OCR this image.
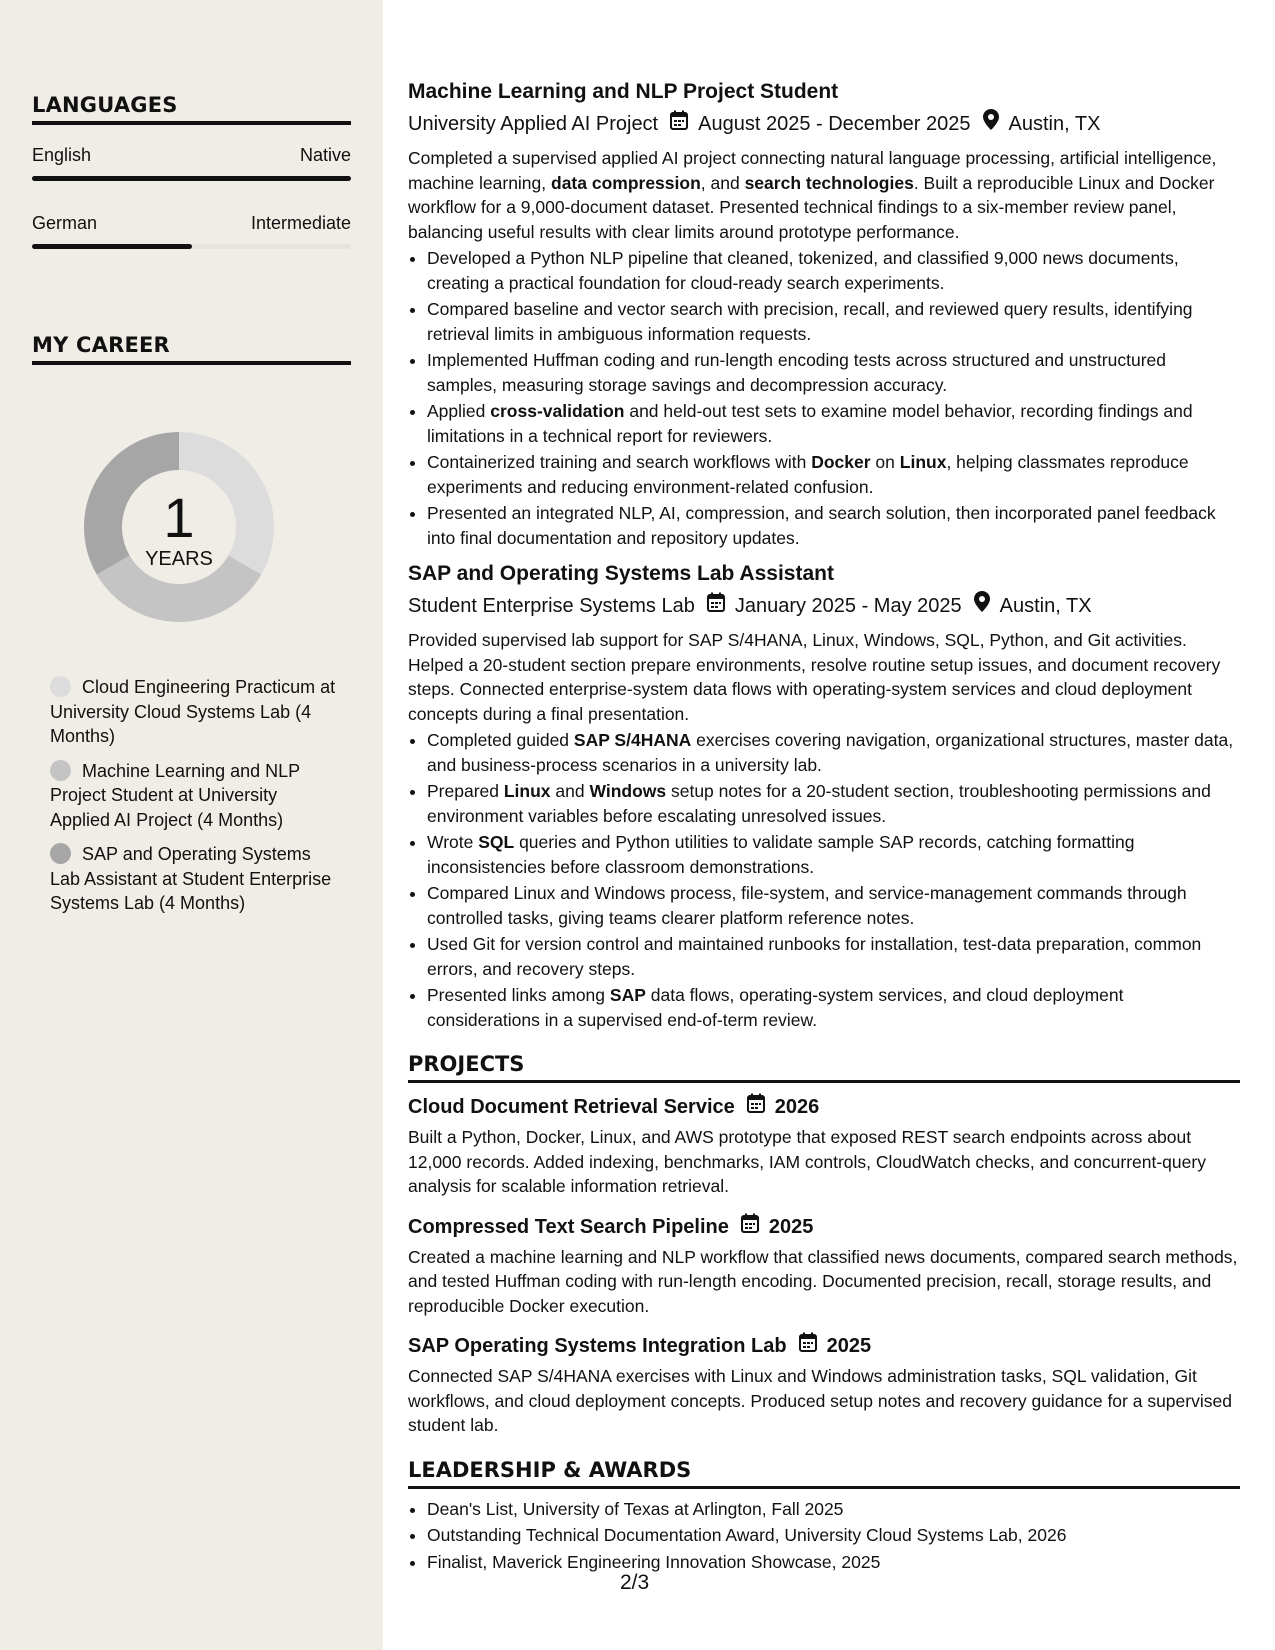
LANGUAGES
English	Native
German	Intermediate
MY CAREER
1
YEARS
Cloud Engineering Practicum at University Cloud Systems Lab (4 Months)
Machine Learning and NLP Project Student at University Applied AI Project (4 Months)
SAP and Operating Systems Lab Assistant at Student Enterprise Systems Lab (4 Months)
Machine Learning and NLP Project Student
University Applied AI Project August 2025 - December 2025 Austin, TX
Completed a supervised applied AI project connecting natural language processing, artificial intelligence, machine learning, data compression, and search technologies. Built a reproducible Linux and Docker workflow for a 9,000-document dataset. Presented technical findings to a six-member review panel, balancing useful results with clear limits around prototype performance.
• Developed a Python NLP pipeline that cleaned, tokenized, and classified 9,000 news documents, creating a practical foundation for cloud-ready search experiments.
• Compared baseline and vector search with precision, recall, and reviewed query results, identifying retrieval limits in ambiguous information requests.
• Implemented Huffman coding and run-length encoding tests across structured and unstructured samples, measuring storage savings and decompression accuracy.
• Applied cross-validation and held-out test sets to examine model behavior, recording findings and limitations in a technical report for reviewers.
• Containerized training and search workflows with Docker on Linux, helping classmates reproduce experiments and reducing environment-related confusion.
• Presented an integrated NLP, AI, compression, and search solution, then incorporated panel feedback into final documentation and repository updates.
SAP and Operating Systems Lab Assistant
Student Enterprise Systems Lab January 2025 - May 2025 Austin, TX
Provided supervised lab support for SAP S/4HANA, Linux, Windows, SQL, Python, and Git activities. Helped a 20-student section prepare environments, resolve routine setup issues, and document recovery steps. Connected enterprise-system data flows with operating-system services and cloud deployment concepts during a final presentation.
• Completed guided SAP S/4HANA exercises covering navigation, organizational structures, master data, and business-process scenarios in a university lab.
• Prepared Linux and Windows setup notes for a 20-student section, troubleshooting permissions and environment variables before escalating unresolved issues.
• Wrote SQL queries and Python utilities to validate sample SAP records, catching formatting inconsistencies before classroom demonstrations.
• Compared Linux and Windows process, file-system, and service-management commands through controlled tasks, giving teams clearer platform reference notes.
• Used Git for version control and maintained runbooks for installation, test-data preparation, common errors, and recovery steps.
• Presented links among SAP data flows, operating-system services, and cloud deployment considerations in a supervised end-of-term review.
PROJECTS
Cloud Document Retrieval Service 2026
Built a Python, Docker, Linux, and AWS prototype that exposed REST search endpoints across about 12,000 records. Added indexing, benchmarks, IAM controls, CloudWatch checks, and concurrent-query analysis for scalable information retrieval.
Compressed Text Search Pipeline 2025
Created a machine learning and NLP workflow that classified news documents, compared search methods, and tested Huffman coding with run-length encoding. Documented precision, recall, storage results, and reproducible Docker execution.
SAP Operating Systems Integration Lab 2025
Connected SAP S/4HANA exercises with Linux and Windows administration tasks, SQL validation, Git workflows, and cloud deployment concepts. Produced setup notes and recovery guidance for a supervised student lab.
LEADERSHIP & AWARDS
• Dean's List, University of Texas at Arlington, Fall 2025
• Outstanding Technical Documentation Award, University Cloud Systems Lab, 2026
• Finalist, Maverick Engineering Innovation Showcase, 2025
2/3
